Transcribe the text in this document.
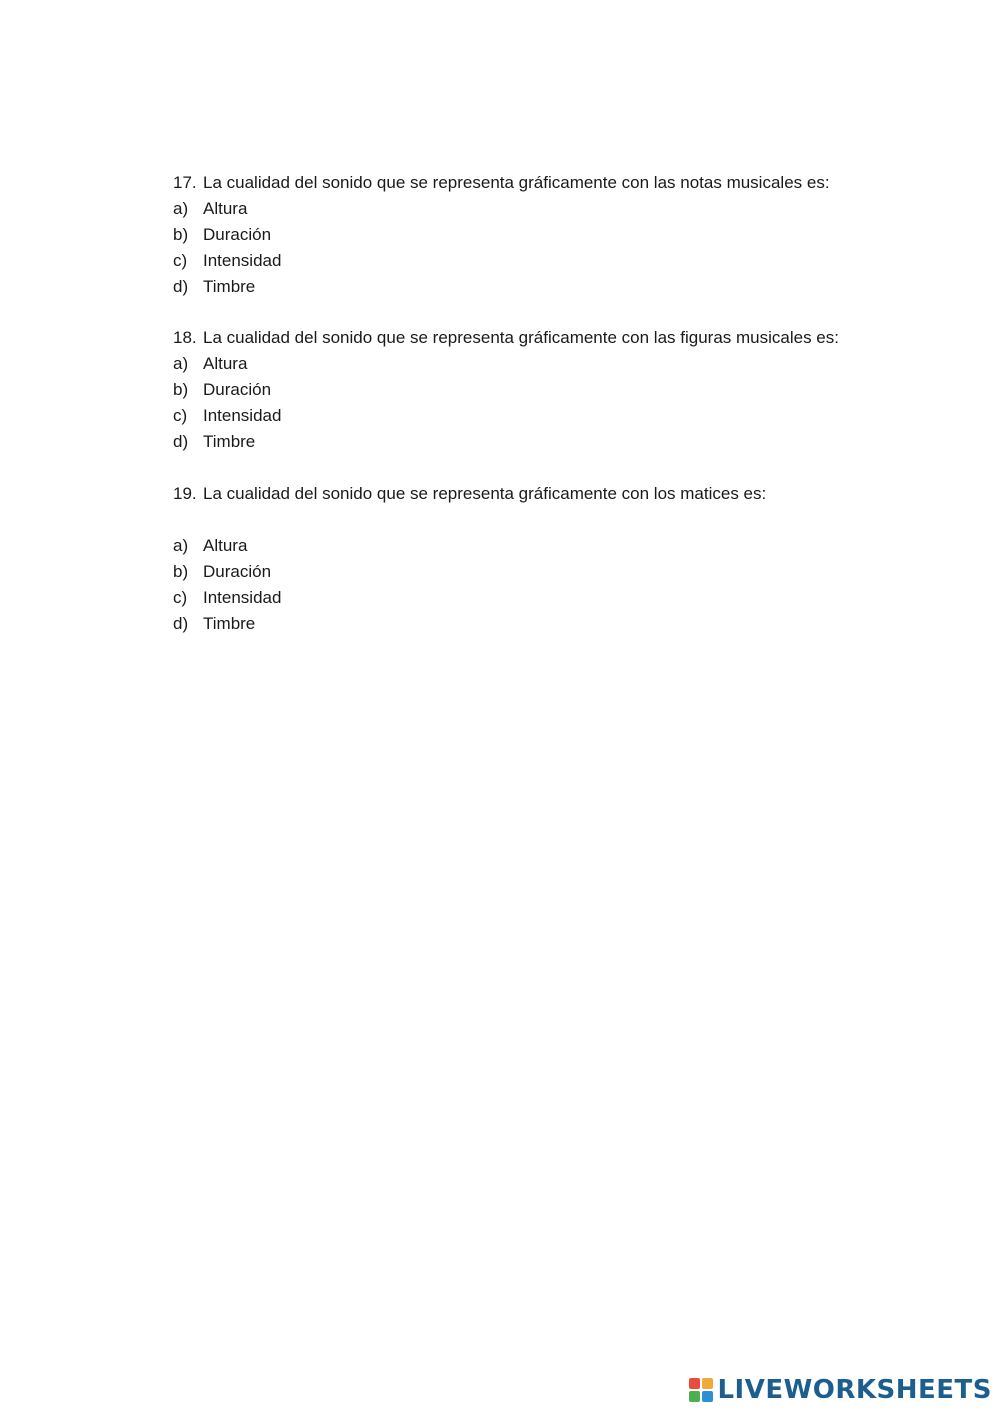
17. La cualidad del sonido que se representa gráficamente con las notas musicales es:
a) Altura
b) Duración
c) Intensidad
d) Timbre
18. La cualidad del sonido que se representa gráficamente con las figuras musicales es:
a) Altura
b) Duración
c) Intensidad
d) Timbre
19. La cualidad del sonido que se representa gráficamente con los matices es:
a) Altura
b) Duración
c) Intensidad
d) Timbre
LIVEWORKSHEETS
